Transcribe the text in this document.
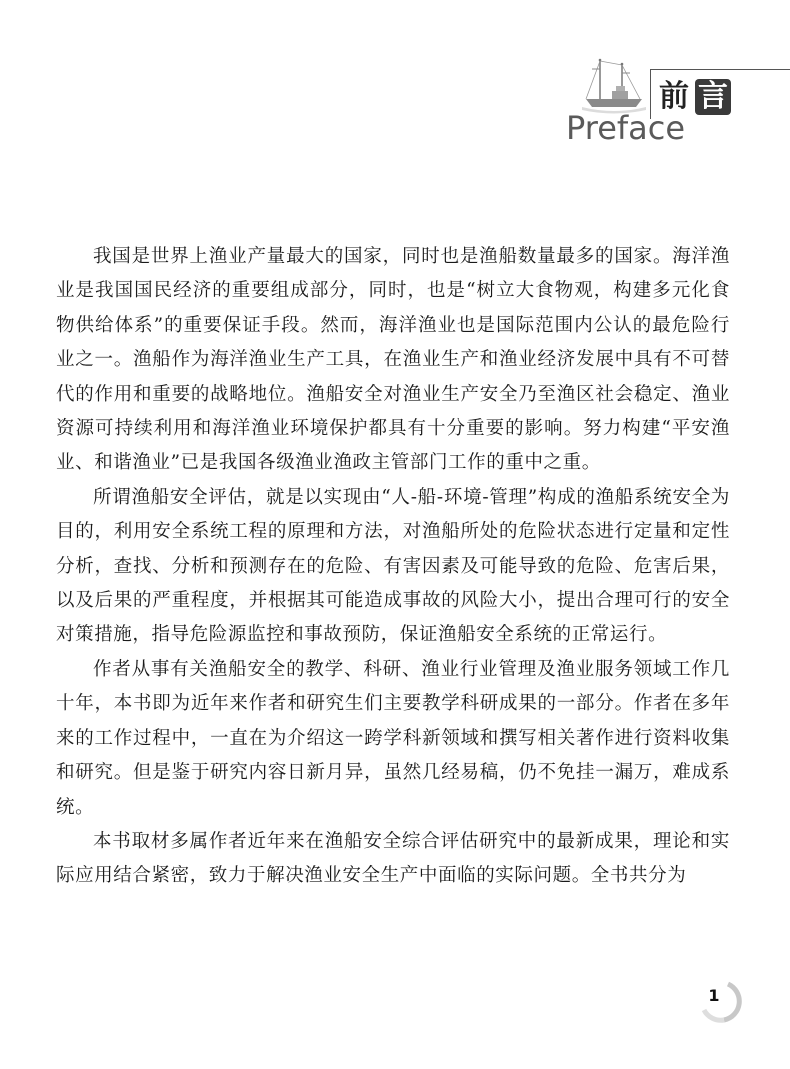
前 言
Preface

我国是世界上渔业产量最大的国家，同时也是渔船数量最多的国家。海洋渔业是我国国民经济的重要组成部分，同时，也是“树立大食物观，构建多元化食物供给体系”的重要保证手段。然而，海洋渔业也是国际范围内公认的最危险行业之一。渔船作为海洋渔业生产工具，在渔业生产和渔业经济发展中具有不可替代的作用和重要的战略地位。渔船安全对渔业生产安全乃至渔区社会稳定、渔业资源可持续利用和海洋渔业环境保护都具有十分重要的影响。努力构建“平安渔业、和谐渔业”已是我国各级渔业渔政主管部门工作的重中之重。

所谓渔船安全评估，就是以实现由“人-船-环境-管理”构成的渔船系统安全为目的，利用安全系统工程的原理和方法，对渔船所处的危险状态进行定量和定性分析，查找、分析和预测存在的危险、有害因素及可能导致的危险、危害后果，以及后果的严重程度，并根据其可能造成事故的风险大小，提出合理可行的安全对策措施，指导危险源监控和事故预防，保证渔船安全系统的正常运行。

作者从事有关渔船安全的教学、科研、渔业行业管理及渔业服务领域工作几十年，本书即为近年来作者和研究生们主要教学科研成果的一部分。作者在多年来的工作过程中，一直在为介绍这一跨学科新领域和撰写相关著作进行资料收集和研究。但是鉴于研究内容日新月异，虽然几经易稿，仍不免挂一漏万，难成系统。

本书取材多属作者近年来在渔船安全综合评估研究中的最新成果，理论和实际应用结合紧密，致力于解决渔业安全生产中面临的实际问题。全书共分为

1
